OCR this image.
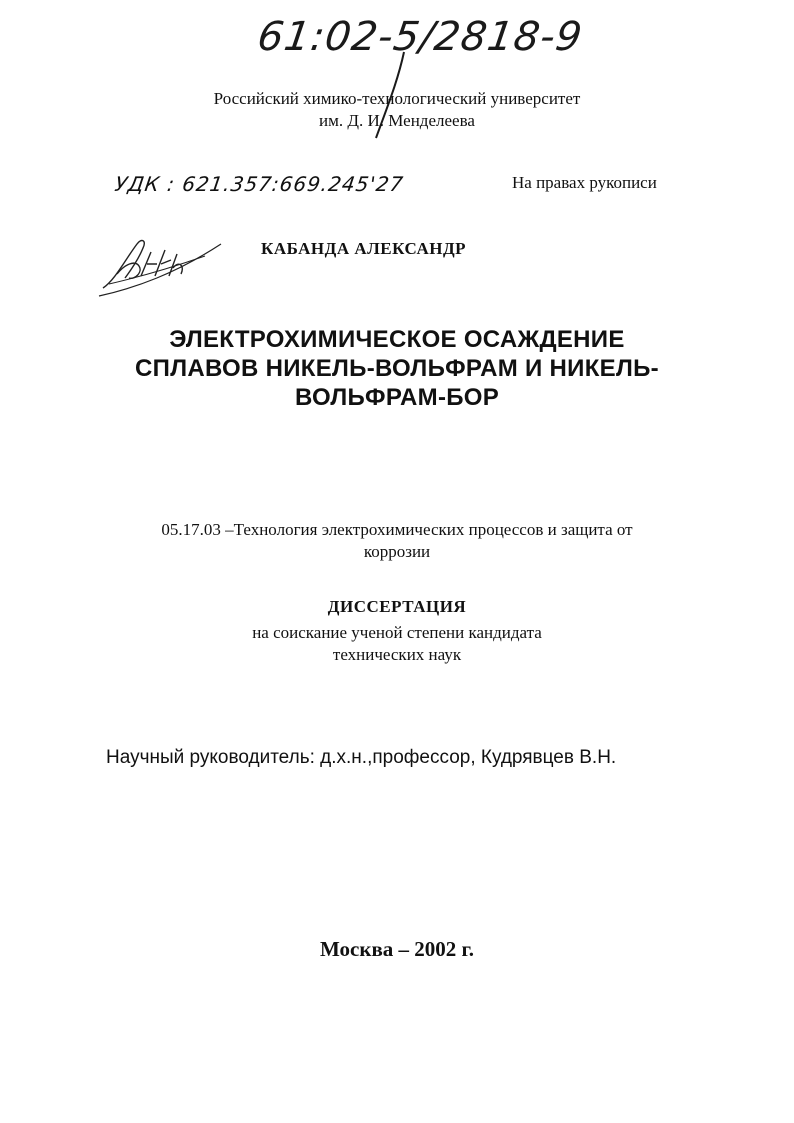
61:02-5/2818-9
Российский химико-технологический университет
им. Д. И. Менделеева
УДК : 621.357:669.245'27	На правах рукописи
КАБАНДА АЛЕКСАНДР
ЭЛЕКТРОХИМИЧЕСКОЕ ОСАЖДЕНИЕ
СПЛАВОВ НИКЕЛЬ-ВОЛЬФРАМ И НИКЕЛЬ-
ВОЛЬФРАМ-БОР
05.17.03 –Технология электрохимических процессов и защита от
коррозии
ДИССЕРТАЦИЯ
на соискание ученой степени кандидата
технических наук
Научный руководитель: д.х.н.,профессор, Кудрявцев В.Н.
Москва – 2002 г.
